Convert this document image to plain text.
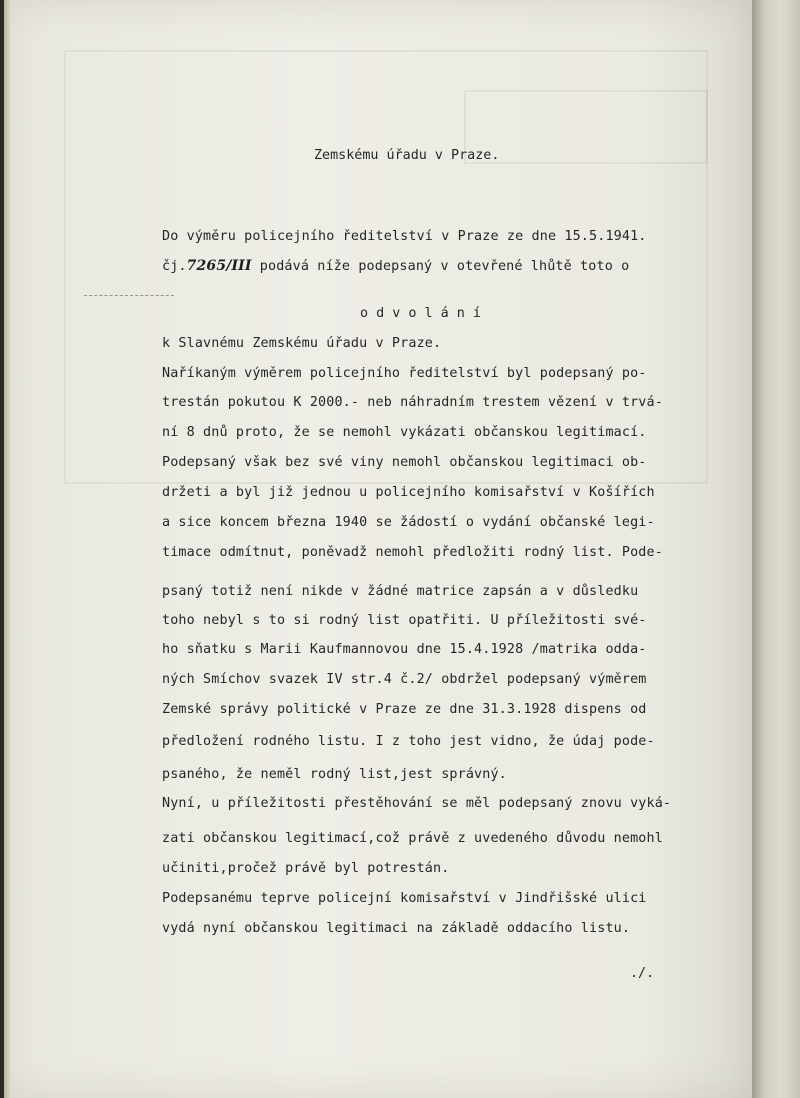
Zemskému úřadu v Praze.
Do výměru policejního ředitelství v Praze ze dne 15.5.1941.
čj.7265/III podává níže podepsaný v otevřené lhůtě toto o
o d v o l á n í
k Slavnému Zemskému úřadu v Praze.
Naříkaným výměrem policejního ředitelství byl podepsaný po-
trestán pokutou K 2000.- neb náhradním trestem vězení v trvá-
ní 8 dnů proto, že se nemohl vykázati občanskou legitimací.
Podepsaný však bez své viny nemohl občanskou legitimaci ob-
držeti a byl již jednou u policejního komisařství v Košířích
a sice koncem března 1940 se žádostí o vydání občanské legi-
timace odmítnut, poněvadž nemohl předložiti rodný list. Pode-
psaný totiž není nikde v žádné matrice zapsán a v důsledku
toho nebyl s to si rodný list opatřiti. U příležitosti své-
ho sňatku s Marii Kaufmannovou dne 15.4.1928 /matrika odda-
ných Smíchov svazek IV str.4 č.2/ obdržel podepsaný výměrem
Zemské správy politické v Praze ze dne 31.3.1928 dispens od
předložení rodného listu. I z toho jest vidno, že údaj pode-
psaného, že neměl rodný list,jest správný.
Nyní, u příležitosti přestěhování se měl podepsaný znovu vyká-
zati občanskou legitimací,což právě z uvedeného důvodu nemohl
učiniti,pročež právě byl potrestán.
Podepsanému teprve policejní komisařství v Jindřišské ulici
vydá nyní občanskou legitimaci na základě oddacího listu.
./.
